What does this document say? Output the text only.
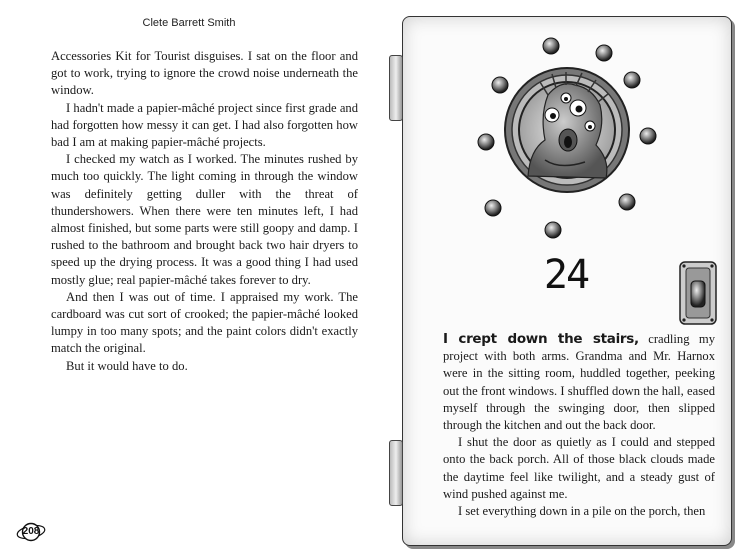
Clete Barrett Smith

Accessories Kit for Tourist disguises. I sat on the floor and got to work, trying to ignore the crowd noise underneath the window.

I hadn't made a papier-mâché project since first grade and had forgotten how messy it can get. I had also forgotten how bad I am at making papier-mâché projects.

I checked my watch as I worked. The minutes rushed by much too quickly. The light coming in through the window was definitely getting duller with the threat of thundershowers. When there were ten minutes left, I had almost finished, but some parts were still goopy and damp. I rushed to the bathroom and brought back two hair dryers to speed up the drying process. It was a good thing I had used mostly glue; real papier-mâché takes forever to dry.

And then I was out of time. I appraised my work. The cardboard was cut sort of crooked; the papier-mâché looked lumpy in too many spots; and the paint colors didn't exactly match the original.

But it would have to do.

208
24

I crept down the stairs, cradling my project with both arms. Grandma and Mr. Harnox were in the sitting room, huddled together, peeking out the front windows. I shuffled down the hall, eased myself through the swinging door, then slipped through the kitchen and out the back door.

I shut the door as quietly as I could and stepped onto the back porch. All of those black clouds made the daytime feel like twilight, and a steady gust of wind pushed against me.

I set everything down in a pile on the porch, then
